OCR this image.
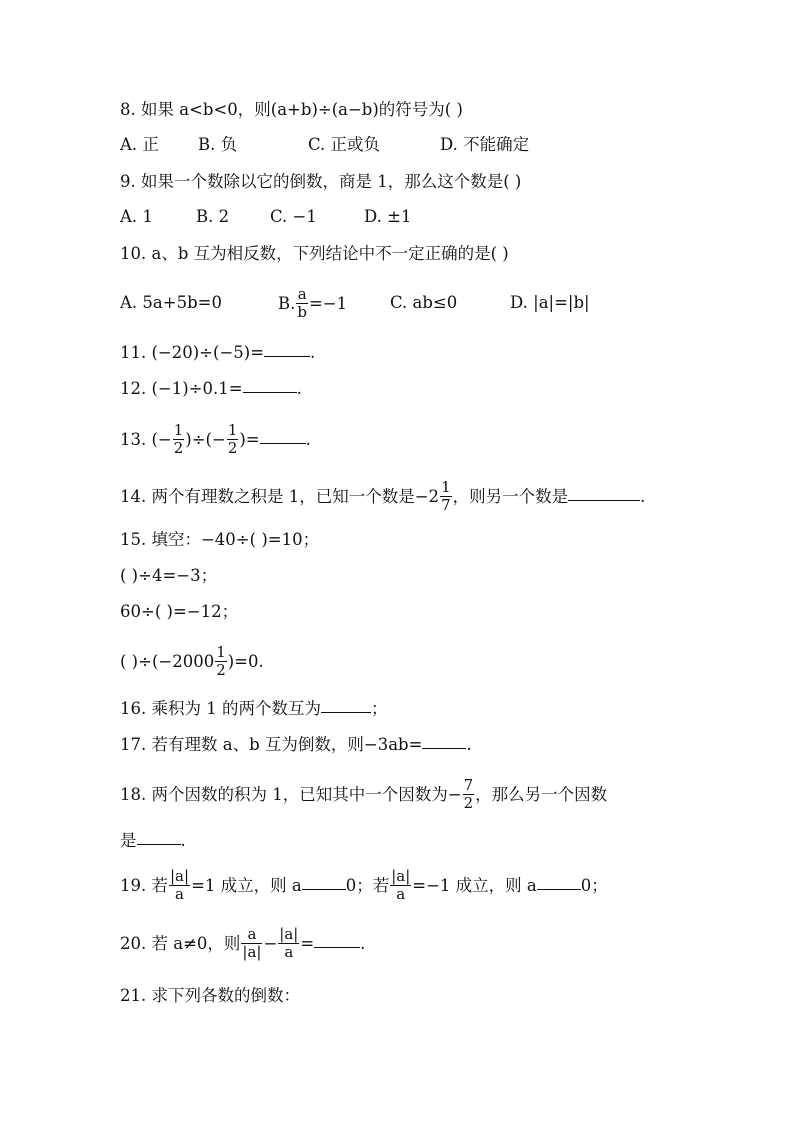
8. 如果 a<b<0，则(a+b)÷(a−b)的符号为( )
A. 正 B. 负	C. 正或负	D. 不能确定
9. 如果一个数除以它的倒数，商是 1，那么这个数是( )
A. 1	B. 2 C. −1	D. ±1
10. a、b 互为相反数，下列结论中不一定正确的是( )
A. 5a+5b=0	B. $\frac{a}{b} =-1$	C. ab≤0	D. |a|=|b|
11. (−20)÷(−5)=	.
12. (−1)÷0.1=	.
13. (− $\frac{1}{2}$ )÷(− $\frac{1}{2}$ )=	.
14. 两个有理数之积是 1，已知一个数是$-2 \frac{1}{7}$ ，则另一个数是	.
15. 填空：−40÷( )=10；
( )÷4=−3；
60÷( )=−12；
( )$\div(-2000 \frac{1}{2} )=0$.
16. 乘积为 1 的两个数互为	；
17. 若有理数 a、b 互为倒数，则−3ab=	.
18. 两个因数的积为 1，已知其中一个因数为− $\frac{7}{2}$ ，那么另一个因数
是	.
19. 若 $\frac{|a|}{a} =1$ 成立，则 a	0；若 $\frac{|a|}{a} =-1$ 成立，则 a	0；
20. 若 a≠0，则 $\frac{a}{|a|} - \frac{|a|}{a}$ =	.
21. 求下列各数的倒数：
